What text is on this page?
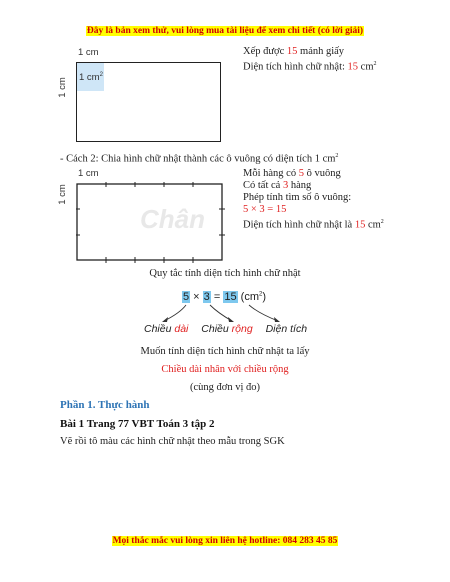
Đây là bản xem thử, vui lòng mua tài liệu để xem chi tiết (có lời giải)
1 cm
1 cm 1 $cm^2$
Xếp được 15 mảnh giấy
Diện tích hình chữ nhật: 15 $cm^2$
- Cách 2: Chia hình chữ nhật thành các ô vuông có diện tích 1 $cm^2$
Chân
1 cm
1 cm
Mỗi hàng có 5 ô vuông
Có tất cả 3 hàng
Phép tính tìm số ô vuông:
5 × 3 = 15
Diện tích hình chữ nhật là 15 $cm^2$
Quy tắc tính diện tích hình chữ nhật
5 × 3 = 15 $(cm^2)$
Chiều dài Chiều rộng Diện tích
Muốn tính diện tích hình chữ nhật ta lấy
Chiều dài nhân với chiều rộng
(cùng đơn vị đo)
Phần 1. Thực hành
Bài 1 Trang 77 VBT Toán 3 tập 2
Vẽ rồi tô màu các hình chữ nhật theo mẫu trong SGK
Mọi thắc mắc vui lòng xin liên hệ hotline: 084 283 45 85
